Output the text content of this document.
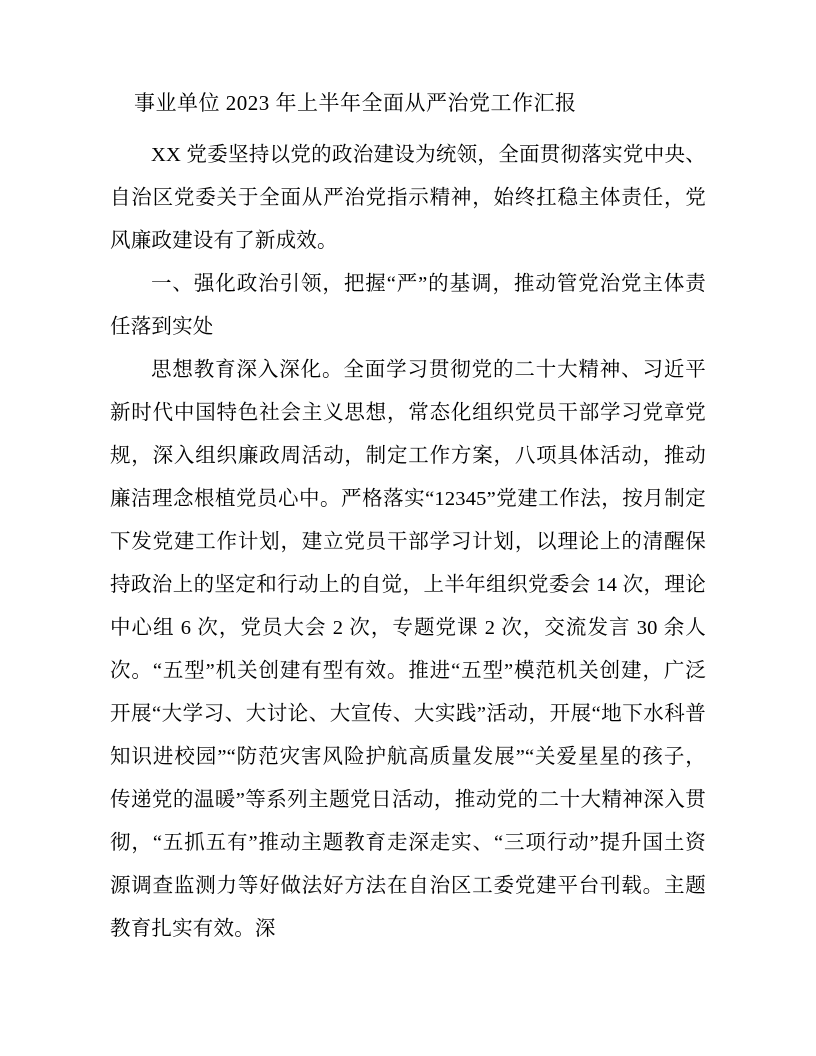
事业单位 2023 年上半年全面从严治党工作汇报

XX 党委坚持以党的政治建设为统领，全面贯彻落实党中央、自治区党委关于全面从严治党指示精神，始终扛稳主体责任，党风廉政建设有了新成效。

一、强化政治引领，把握“严”的基调，推动管党治党主体责任落到实处

思想教育深入深化。全面学习贯彻党的二十大精神、习近平新时代中国特色社会主义思想，常态化组织党员干部学习党章党规，深入组织廉政周活动，制定工作方案，八项具体活动，推动廉洁理念根植党员心中。严格落实“12345”党建工作法，按月制定下发党建工作计划，建立党员干部学习计划，以理论上的清醒保持政治上的坚定和行动上的自觉，上半年组织党委会 14 次，理论中心组 6 次，党员大会 2 次，专题党课 2 次，交流发言 30 余人次。“五型”机关创建有型有效。推进“五型”模范机关创建，广泛开展“大学习、大讨论、大宣传、大实践”活动，开展“地下水科普知识进校园”“防范灾害风险护航高质量发展”“关爱星星的孩子，传递党的温暖”等系列主题党日活动，推动党的二十大精神深入贯彻，“五抓五有”推动主题教育走深走实、“三项行动”提升国土资源调查监测力等好做法好方法在自治区工委党建平台刊载。主题教育扎实有效。深
